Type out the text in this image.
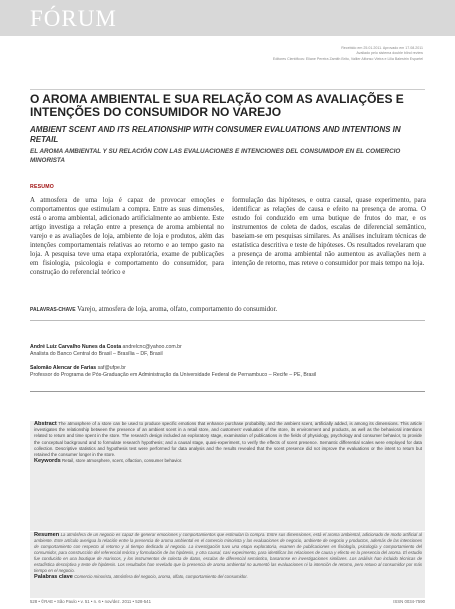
FÓRUM
Recebido em 25.01.2011. Aprovado em 17.08.2011
Avaliado pelo sistema double blind review
Editores Científicos: Eliane Pereira Zamith Brito, Vallier Alfonso Vieira e Lilia Balestrin Espartel
O AROMA AMBIENTAL E SUA RELAÇÃO COM AS AVALIAÇÕES E INTENÇÕES DO CONSUMIDOR NO VAREJO
AMBIENT SCENT AND ITS RELATIONSHIP WITH CONSUMER EVALUATIONS AND INTENTIONS IN RETAIL
EL AROMA AMBIENTAL Y SU RELACIÓN CON LAS EVALUACIONES E INTENCIONES DEL CONSUMIDOR EN EL COMERCIO MINORISTA
RESUMO
A atmosfera de uma loja é capaz de provocar emoções e comportamentos que estimulam a compra. Entre as suas dimensões, está o aroma ambiental, adicionado artificialmente ao ambiente. Este artigo investiga a relação entre a presença de aroma ambiental no varejo e as avaliações de loja, ambiente de loja e produtos, além das intenções comportamentais relativas ao retorno e ao tempo gasto na loja. A pesquisa teve uma etapa exploratória, exame de publicações em fisiologia, psicologia e comportamento do consumidor, para construção do referencial teórico e
formulação das hipóteses, e outra causal, quase experimento, para identificar as relações de causa e efeito na presença de aroma. O estudo foi conduzido em uma butique de frutos do mar, e os instrumentos de coleta de dados, escalas de diferencial semântico, baseiam-se em pesquisas similares. As análises incluíram técnicas de estatística descritiva e teste de hipóteses. Os resultados revelaram que a presença de aroma ambiental não aumentou as avaliações nem a intenção de retorno, mas reteve o consumidor por mais tempo na loja.
PALAVRAS-CHAVE Varejo, atmosfera de loja, aroma, olfato, comportamento do consumidor.
André Luiz Carvalho Nunes da Costa andrelcnc@yahoo.com.br
Analista do Banco Central do Brasil – Brasília – DF, Brasil
Salomão Alencar de Farias saf@ufpe.br
Professor do Programa de Pós-Graduação em Administração da Universidade Federal de Pernambuco – Recife – PE, Brasil
Abstract The atmosphere of a store can be used to produce specific emotions that enhance purchase probability, and the ambient scent, artificially added, is among its dimensions. This article investigates the relationship between the presence of an ambient scent in a retail store, and customers' evaluation of the store, its environment and products, as well as the behavioral intentions related to return and time spent in the store. The research design included an exploratory stage, examination of publications in the fields of physiology, psychology and consumer behavior, to provide the conceptual background and to formulate research hypothesis; and a causal stage, quasi-experiment, to verify the effects of scent presence. Semantic differential scales were employed for data collection. Descriptive statistics and hypothesis test were performed for data analysis and the results revealed that the scent presence did not improve the evaluations or the intent to return but retained the consumer longer in the store.
Keywords Retail, store atmosphere, scent, olfaction, consumer behavior.
Resumen La atmósfera de un negocio es capaz de generar emociones y comportamientos que estimulan la compra. Entre sus dimensiones, está el aroma ambiental, adicionado de modo artificial al ambiente. Este artículo averigua la relación entre la presencia de aroma ambiental en el comercio minorista y las evaluaciones de negocio, ambiente de negocio y productos, además de las intenciones de comportamiento con respecto al retorno y al tiempo dedicado al negocio. La investigación tuvo una etapa exploratoria, examen de publicaciones en fisiología, psicología y comportamiento del consumidor, para construcción del referencial teórico y formulación de las hipótesis, y otra causal, casi experimento, para identificar las relaciones de causa y efecto en la presencia del aroma. El estudio fue conducido en una boutique de mariscos, y los instrumentos de colecta de datos, escalas de diferencial semántico, basaronse en investigaciones similares. Los análisis han incluido técnicas de estadística descriptiva y teste de hipótesis. Los resultados han revelado que la presencia de aroma ambiental no aumentó las evaluaciones ni la intención de retorno, pero retuvo al consumidor por más tiempo en el negocio.
Palabras clave Comercio minorista, atmósfera del negocio, aroma, olfato, comportamiento del consumidor.
528 • ©RAE • São Paulo • v. 51 • n. 6 • nov/dez. 2011 • 528-541	ISSN 0034-7590
